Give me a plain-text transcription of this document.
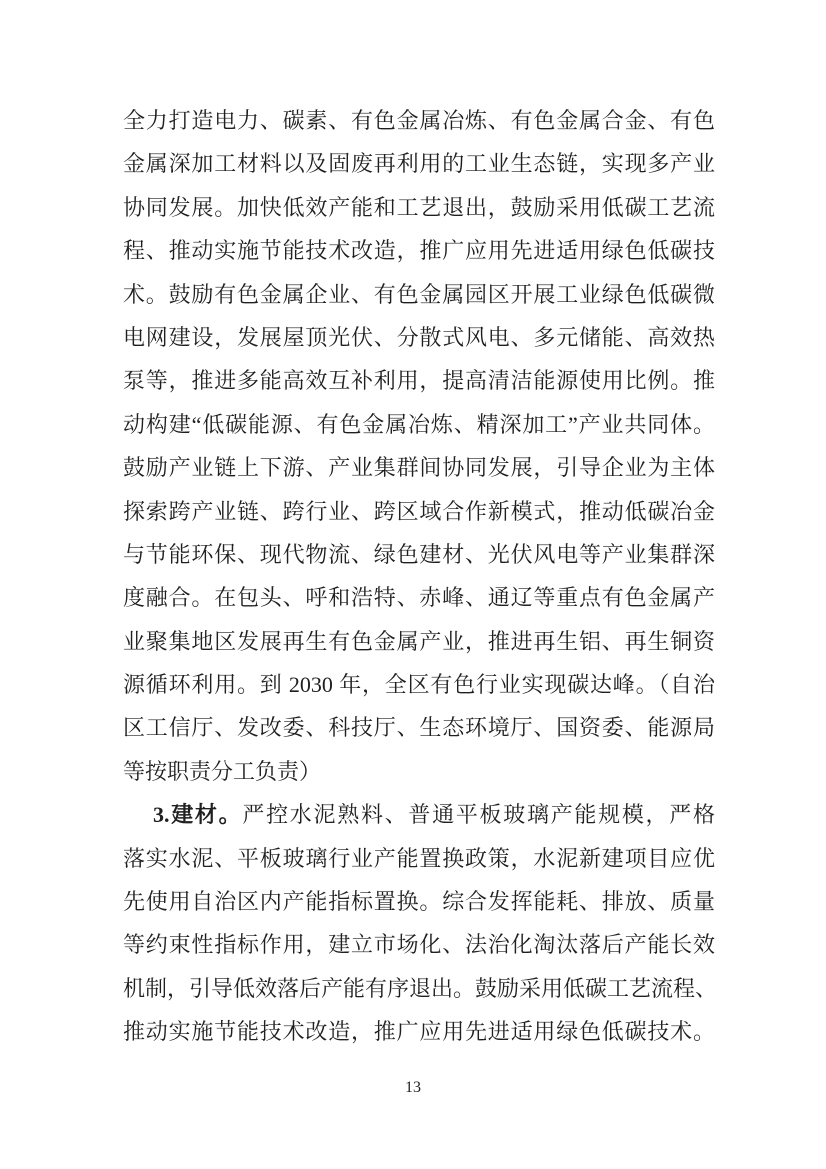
全力打造电力、碳素、有色金属冶炼、有色金属合金、有色
金属深加工材料以及固废再利用的工业生态链，实现多产业
协同发展。加快低效产能和工艺退出，鼓励采用低碳工艺流
程、推动实施节能技术改造，推广应用先进适用绿色低碳技
术。鼓励有色金属企业、有色金属园区开展工业绿色低碳微
电网建设，发展屋顶光伏、分散式风电、多元储能、高效热
泵等，推进多能高效互补利用，提高清洁能源使用比例。推
动构建“低碳能源、有色金属冶炼、精深加工”产业共同体。
鼓励产业链上下游、产业集群间协同发展，引导企业为主体
探索跨产业链、跨行业、跨区域合作新模式，推动低碳冶金
与节能环保、现代物流、绿色建材、光伏风电等产业集群深
度融合。在包头、呼和浩特、赤峰、通辽等重点有色金属产
业聚集地区发展再生有色金属产业，推进再生铝、再生铜资
源循环利用。到 2030 年，全区有色行业实现碳达峰。（自治
区工信厅、发改委、科技厅、生态环境厅、国资委、能源局
等按职责分工负责）
3.建材。严控水泥熟料、普通平板玻璃产能规模，严格
落实水泥、平板玻璃行业产能置换政策，水泥新建项目应优
先使用自治区内产能指标置换。综合发挥能耗、排放、质量
等约束性指标作用，建立市场化、法治化淘汰落后产能长效
机制，引导低效落后产能有序退出。鼓励采用低碳工艺流程、
推动实施节能技术改造，推广应用先进适用绿色低碳技术。
13
